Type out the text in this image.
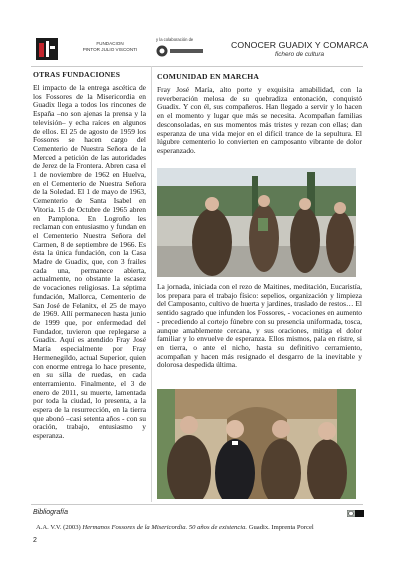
FUNDACION
PINTOR JULIO VISCONTI
y la colaboración de
CONOCER GUADIX Y COMARCA
fichero de cultura
OTRAS FUNDACIONES
El impacto de la entrega ascética de los Fossores de la Misericordia en Guadix llega a todos los rincones de España –no son ajenas la prensa y la televisión– y echa raíces en algunos de ellos. El 25 de agosto de 1959 los Fossores se hacen cargo del Cementerio de Nuestra Señora de la Merced a petición de las autoridades de Jerez de la Frontera. Abren casa el 1 de noviembre de 1962 en Huelva, en el Cementerio de Nuestra Señora de la Soledad. El 1 de mayo de 1963, Cementerio de Santa Isabel en Vitoria. 15 de Octubre de 1965 abren en Pamplona. En Logroño les reclaman con entusiasmo y fundan en el Cementerio Nuestra Señora del Carmen, 8 de septiembre de 1966. Es ésta la única fundación, con la Casa Madre de Guadix, que, con 3 frailes cada una, permanece abierta, actualmente, no obstante la escasez de vocaciones religiosas. La séptima fundación, Mallorca, Cementerio de San José de Felanitx, el 25 de mayo de 1969. Allí permanecen hasta junio de 1999 que, por enfermedad del Fundador, tuvieron que replegarse a Guadix. Aquí es atendido Fray José María especialmente por Fray Hermenegildo, actual Superior, quien con enorme entrega lo hace presente, en su silla de ruedas, en cada enterramiento. Finalmente, el 3 de enero de 2011, su muerte, lamentada por toda la ciudad, lo presenta, a la espera de la resurrección, en la tierra que abonó –casi setenta años - con su oración, trabajo, entusiasmo y esperanza.
COMUNIDAD EN MARCHA
Fray José María, alto porte y exquisita amabilidad, con la reverberación melosa de su quebradiza entonación, conquistó Guadix. Y con él, sus compañeros. Han llegado a servir y lo hacen en el momento y lugar que más se necesita. Acompañan familias desconsoladas, en sus momentos más tristes y rezan con ellas; dan esperanza de una vida mejor en el difícil trance de la sepultura. El lúgubre cementerio lo convierten en camposanto vibrante de dolor esperanzado.
La jornada, iniciada con el rezo de Maitines, meditación, Eucaristía, los prepara para el trabajo físico: sepelios, organización y limpieza del Camposanto, cultivo de huerta y jardines, traslado de restos… El sentido sagrado que infunden los Fossores, - vocaciones en aumento - precediendo al cortejo fúnebre con su presencia uniformada, tosca, aunque amablemente cercana, y sus oraciones, mitiga el dolor familiar y lo envuelve de esperanza. Ellos mismos, pala en ristre, si en tierra, o ante el nicho, hasta su definitivo cerramiento, acompañan y hacen más resignado el desgarro de la inevitable y dolorosa despedida última.
Bibliografía
A.A. V.V. (2003) Hermanos Fossores de la Misericordia. 50 años de existencia. Guadix. Imprenta Porcel
2
